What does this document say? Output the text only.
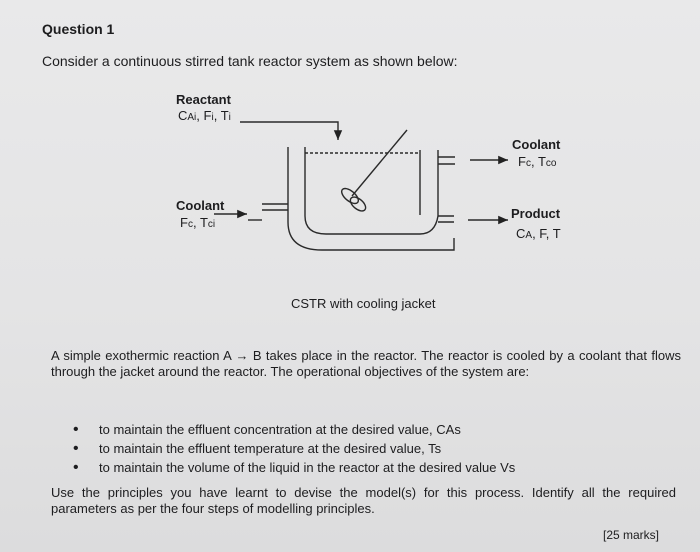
Question 1
Consider a continuous stirred tank reactor system as shown below:
Reactant
CAi, Fi, Ti
Coolant
Fc, Tco
Coolant
Fc, Tci
Product
CA, F, T
CSTR with cooling jacket
A simple exothermic reaction A → B takes place in the reactor. The reactor is cooled by a coolant that flows through the jacket around the reactor. The operational objectives of the system are:
• to maintain the effluent concentration at the desired value, CAs
• to maintain the effluent temperature at the desired value, Ts
• to maintain the volume of the liquid in the reactor at the desired value Vs
Use the principles you have learnt to devise the model(s) for this process. Identify all the required parameters as per the four steps of modelling principles.
[25 marks]
